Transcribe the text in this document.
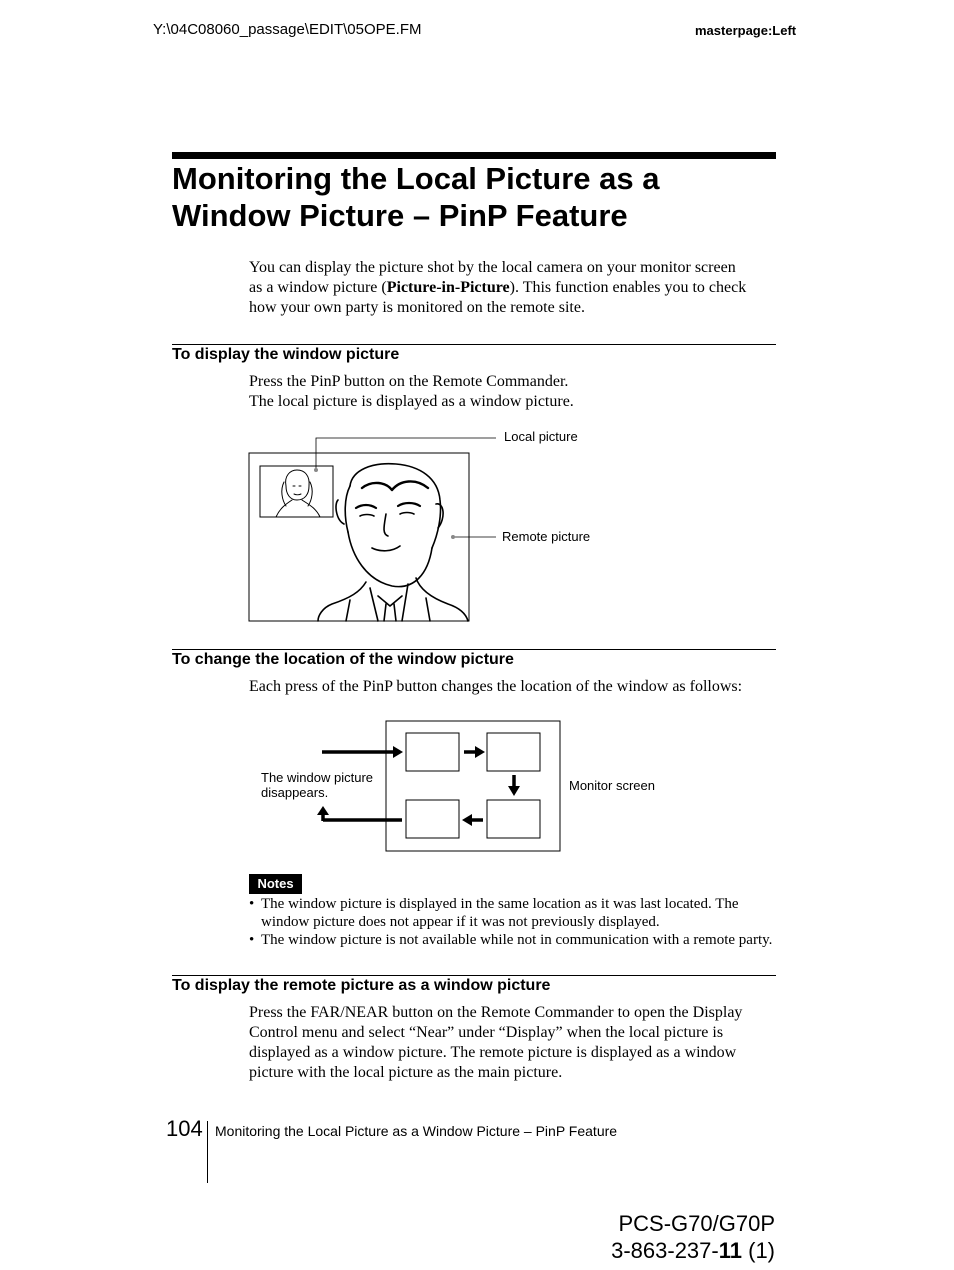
Y:\04C08060_passage\EDIT\05OPE.FM	masterpage:Left
Monitoring the Local Picture as a
Window Picture – PinP Feature

You can display the picture shot by the local camera on your monitor screen

as a window picture (Picture-in-Picture). This function enables you to check

how your own party is monitored on the remote site.

To display the window picture

Press the PinP button on the Remote Commander.

The local picture is displayed as a window picture.

Local picture
Remote picture
To change the location of the window picture

Each press of the PinP button changes the location of the window as follows:

The window picture
disappears.	Monitor screen
Notes
• The window picture is displayed in the same location as it was last located. The
window picture does not appear if it was not previously displayed.
• The window picture is not available while not in communication with a remote party.
To display the remote picture as a window picture

Press the FAR/NEAR button on the Remote Commander to open the Display

Control menu and select “Near” under “Display” when the local picture is

displayed as a window picture. The remote picture is displayed as a window

picture with the local picture as the main picture.

104 Monitoring the Local Picture as a Window Picture – PinP Feature
PCS-G70/G70P
3-863-237-11 (1)
